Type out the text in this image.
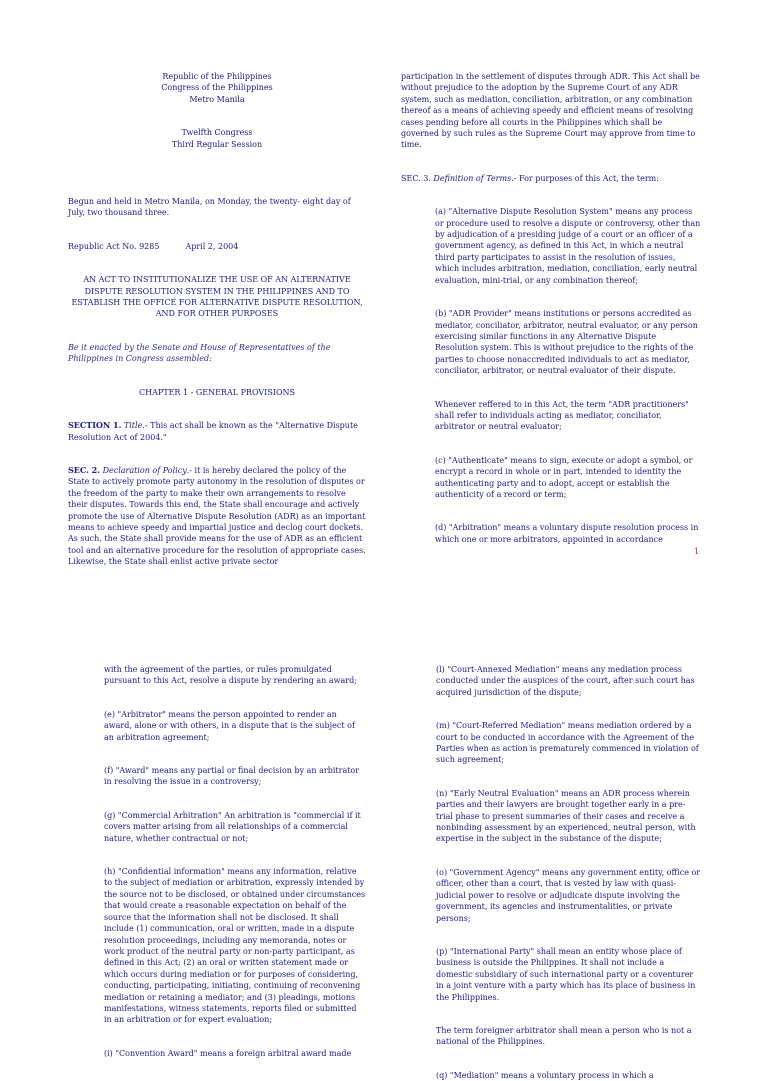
Republic of the Philippines

Congress of the Philippines

Metro Manila

Twelfth Congress

Third Regular Session

Begun and held in Metro Manila, on Monday, the twenty- eight day of July, two thousand three.

Republic Act No. 9285	April 2, 2004

AN ACT TO INSTITUTIONALIZE THE USE OF AN ALTERNATIVE DISPUTE RESOLUTION SYSTEM IN THE PHILIPPINES AND TO ESTABLISH THE OFFICE FOR ALTERNATIVE DISPUTE RESOLUTION, AND FOR OTHER PURPOSES

Be it enacted by the Senate and House of Representatives of the Philippines in Congress assembled:

CHAPTER 1 - GENERAL PROVISIONS

SECTION 1. Title.- This act shall be known as the "Alternative Dispute Resolution Act of 2004."

SEC. 2. Declaration of Policy.- it is hereby declared the policy of the State to actively promote party autonomy in the resolution of disputes or the freedom of the party to make their own arrangements to resolve their disputes. Towards this end, the State shall encourage and actively promote the use of Alternative Dispute Resolution (ADR) as an important means to achieve speedy and impartial justice and declog court dockets. As such, the State shall provide means for the use of ADR as an efficient tool and an alternative procedure for the resolution of appropriate cases. Likewise, the State shall enlist active private sector

participation in the settlement of disputes through ADR. This Act shall be without prejudice to the adoption by the Supreme Court of any ADR system, such as mediation, conciliation, arbitration, or any combination thereof as a means of achieving speedy and efficient means of resolving cases pending before all courts in the Philippines which shall be governed by such rules as the Supreme Court may approve from time to time.

SEC. 3. Definition of Terms.- For purposes of this Act, the term:

(a) "Alternative Dispute Resolution System" means any process or procedure used to resolve a dispute or controversy, other than by adjudication of a presiding judge of a court or an officer of a government agency, as defined in this Act, in which a neutral third party participates to assist in the resolution of issues, which includes arbitration, mediation, conciliation, early neutral evaluation, mini-trial, or any combination thereof;

(b) "ADR Provider" means institutions or persons accredited as mediator, conciliator, arbitrator, neutral evaluator, or any person exercising similar functions in any Alternative Dispute Resolution system. This is without prejudice to the rights of the parties to choose nonaccredited individuals to act as mediator, conciliator, arbitrator, or neutral evaluator of their dispute.

Whenever reffered to in this Act, the term "ADR practitioners" shall refer to individuals acting as mediator, conciliator, arbitrator or neutral evaluator;

(c) "Authenticate" means to sign, execute or adopt a symbol, or encrypt a record in whole or in part, intended to identity the authenticating party and to adopt, accept or establish the authenticity of a record or term;

(d) "Arbitration" means a voluntary dispute resolution process in which one or more arbitrators, appointed in accordance

1

with the agreement of the parties, or rules promulgated pursuant to this Act, resolve a dispute by rendering an award;

(e) "Arbitrator" means the person appointed to render an award, alone or with others, in a dispute that is the subject of an arbitration agreement;

(f) "Award" means any partial or final decision by an arbitrator in resolving the issue in a controversy;

(g) "Commercial Arbitration" An arbitration is "commercial if it covers matter arising from all relationships of a commercial nature, whether contractual or not;

(h) "Confidential information" means any information, relative to the subject of mediation or arbitration, expressly intended by the source not to be disclosed, or obtained under circumstances that would create a reasonable expectation on behalf of the source that the information shall not be disclosed. It shall include (1) communication, oral or written, made in a dispute resolution proceedings, including any memoranda, notes or work product of the neutral party or non-party participant, as defined in this Act; (2) an oral or written statement made or which occurs during mediation or for purposes of considering, conducting, participating, initiating, continuing of reconvening mediation or retaining a mediator; and (3) pleadings, motions manifestations, witness statements, reports filed or submitted in an arbitration or for expert evaluation;

(i) "Convention Award" means a foreign arbitral award made

(l) "Court-Annexed Mediation" means any mediation process conducted under the auspices of the court, after such court has acquired jurisdiction of the dispute;

(m) "Court-Referred Mediation" means mediation ordered by a court to be conducted in accordance with the Agreement of the Parties when as action is prematurely commenced in violation of such agreement;

(n) "Early Neutral Evaluation" means an ADR process wherein parties and their lawyers are brought together early in a pre-trial phase to present summaries of their cases and receive a nonbinding assessment by an experienced, neutral person, with expertise in the subject in the substance of the dispute;

(o) "Government Agency" means any government entity, office or officer, other than a court, that is vested by law with quasi-judicial power to resolve or adjudicate dispute involving the government, its agencies and instrumentalities, or private persons;

(p) "International Party" shall mean an entity whose place of business is outside the Philippines. It shall not include a domestic subsidiary of such international party or a coventurer in a joint venture with a party which has its place of business in the Philippines.

The term foreigner arbitrator shall mean a person who is not a national of the Philippines.

(q) "Mediation" means a voluntary process in which a
